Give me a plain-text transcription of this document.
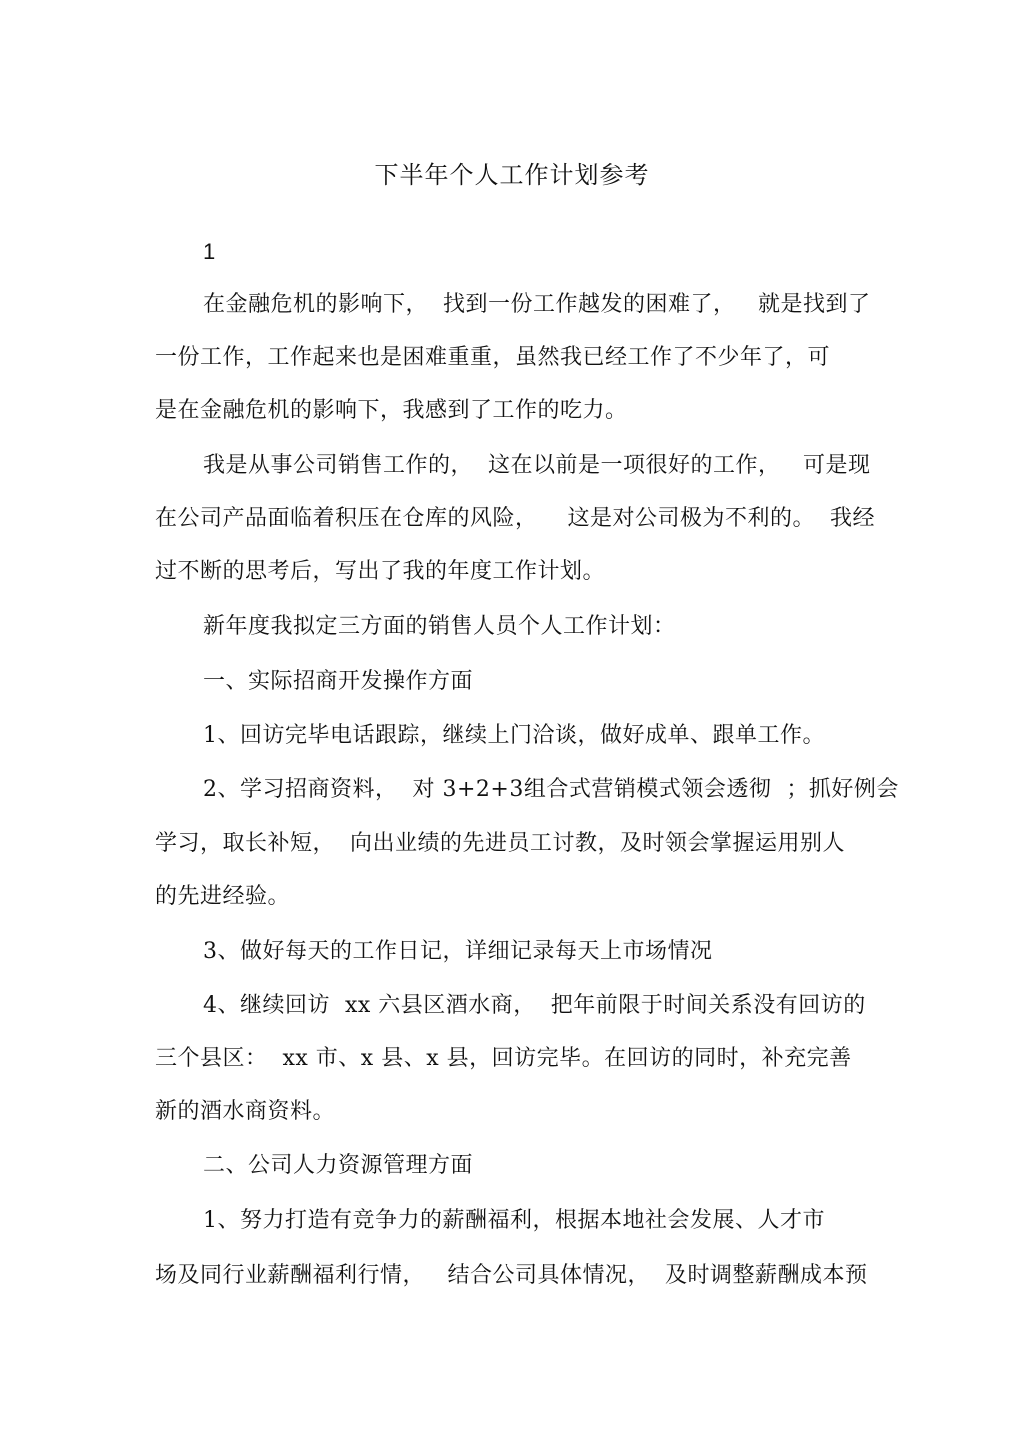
下半年个人工作计划参考
1
在金融危机的影响下，  找到一份工作越发的困难了，   就是找到了
一份工作，工作起来也是困难重重，虽然我已经工作了不少年了，可
是在金融危机的影响下，我感到了工作的吃力。
我是从事公司销售工作的，  这在以前是一项很好的工作，   可是现
在公司产品面临着积压在仓库的风险，    这是对公司极为不利的。  我经
过不断的思考后，写出了我的年度工作计划。
新年度我拟定三方面的销售人员个人工作计划：
一、实际招商开发操作方面
1、回访完毕电话跟踪，继续上门洽谈，做好成单、跟单工作。
2、学习招商资料，  对 3+2+3组合式营销模式领会透彻  ；抓好例会
学习，取长补短，  向出业绩的先进员工讨教，及时领会掌握运用别人
的先进经验。
3、做好每天的工作日记，详细记录每天上市场情况
4、继续回访  xx 六县区酒水商，  把年前限于时间关系没有回访的
三个县区：  xx 市、x 县、x 县，回访完毕。在回访的同时，补充完善
新的酒水商资料。
二、公司人力资源管理方面
1、努力打造有竞争力的薪酬福利，根据本地社会发展、人才市
场及同行业薪酬福利行情，   结合公司具体情况，  及时调整薪酬成本预
